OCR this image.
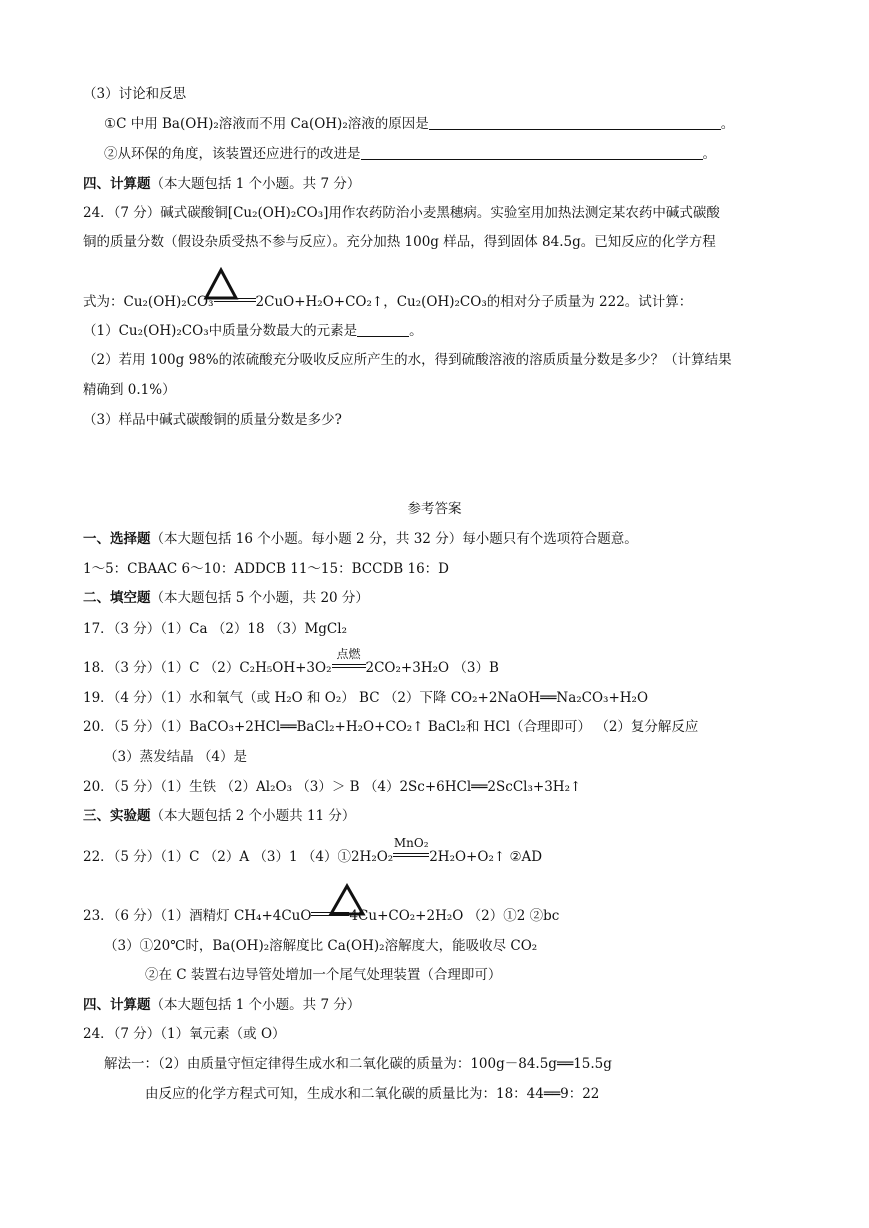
（3）讨论和反思
①C 中用 Ba(OH)₂溶液而不用 Ca(OH)₂溶液的原因是	。
②从环保的角度，该装置还应进行的改进是	。
四、计算题（本大题包括 1 个小题。共 7 分）
24．（7 分）碱式碳酸铜[Cu₂(OH)₂CO₃]用作农药防治小麦黑穗病。实验室用加热法测定某农药中碱式碳酸
铜的质量分数（假设杂质受热不参与反应）。充分加热 100g 样品，得到固体 84.5g。已知反应的化学方程
式为：Cu₂(OH)₂CO₃	2CuO+H₂O+CO₂↑，Cu₂(OH)₂CO₃的相对分子质量为 222。试计算：
（1）Cu₂(OH)₂CO₃中质量分数最大的元素是	。
（2）若用 100g 98%的浓硫酸充分吸收反应所产生的水，得到硫酸溶液的溶质质量分数是多少？（计算结果
精确到 0.1%）
（3）样品中碱式碳酸铜的质量分数是多少?
参考答案
一、选择题（本大题包括 16 个小题。每小题 2 分，共 32 分）每小题只有个选项符合题意。
1～5：CBAAC 6～10：ADDCB 11～15：BCCDB 16：D
二、填空题（本大题包括 5 个小题，共 20 分）
17．（3 分）（1）Ca （2）18 （3）MgCl₂
18．（3 分）（1）C （2）C₂H₅OH+3O₂
点燃
2CO₂+3H₂O （3）B
19．（4 分）（1）水和氧气（或 H₂O 和 O₂） BC （2）下降 CO₂+2NaOH══Na₂CO₃+H₂O
20．（5 分）（1）BaCO₃+2HCl══BaCl₂+H₂O+CO₂↑ BaCl₂和 HCl（合理即可） （2）复分解反应
（3）蒸发结晶 （4）是
20．（5 分）（1）生铁 （2）Al₂O₃ （3）＞ B （4）2Sc+6HCl══2ScCl₃+3H₂↑
三、实验题（本大题包括 2 个小题共 11 分）
22．（5 分）（1）C （2）A （3）1 （4）①2H₂O₂
MnO₂
2H₂O+O₂↑ ②AD
23．（6 分）（1）酒精灯 CH₄+4CuO	4Cu+CO₂+2H₂O （2）①2 ②bc
（3）①20℃时，Ba(OH)₂溶解度比 Ca(OH)₂溶解度大，能吸收尽 CO₂
②在 C 装置右边导管处增加一个尾气处理装置（合理即可）
四、计算题（本大题包括 1 个小题。共 7 分）
24．（7 分）（1）氧元素（或 O）
解法一：（2）由质量守恒定律得生成水和二氧化碳的质量为：100g－84.5g══15.5g
由反应的化学方程式可知，生成水和二氧化碳的质量比为：18：44══9：22
